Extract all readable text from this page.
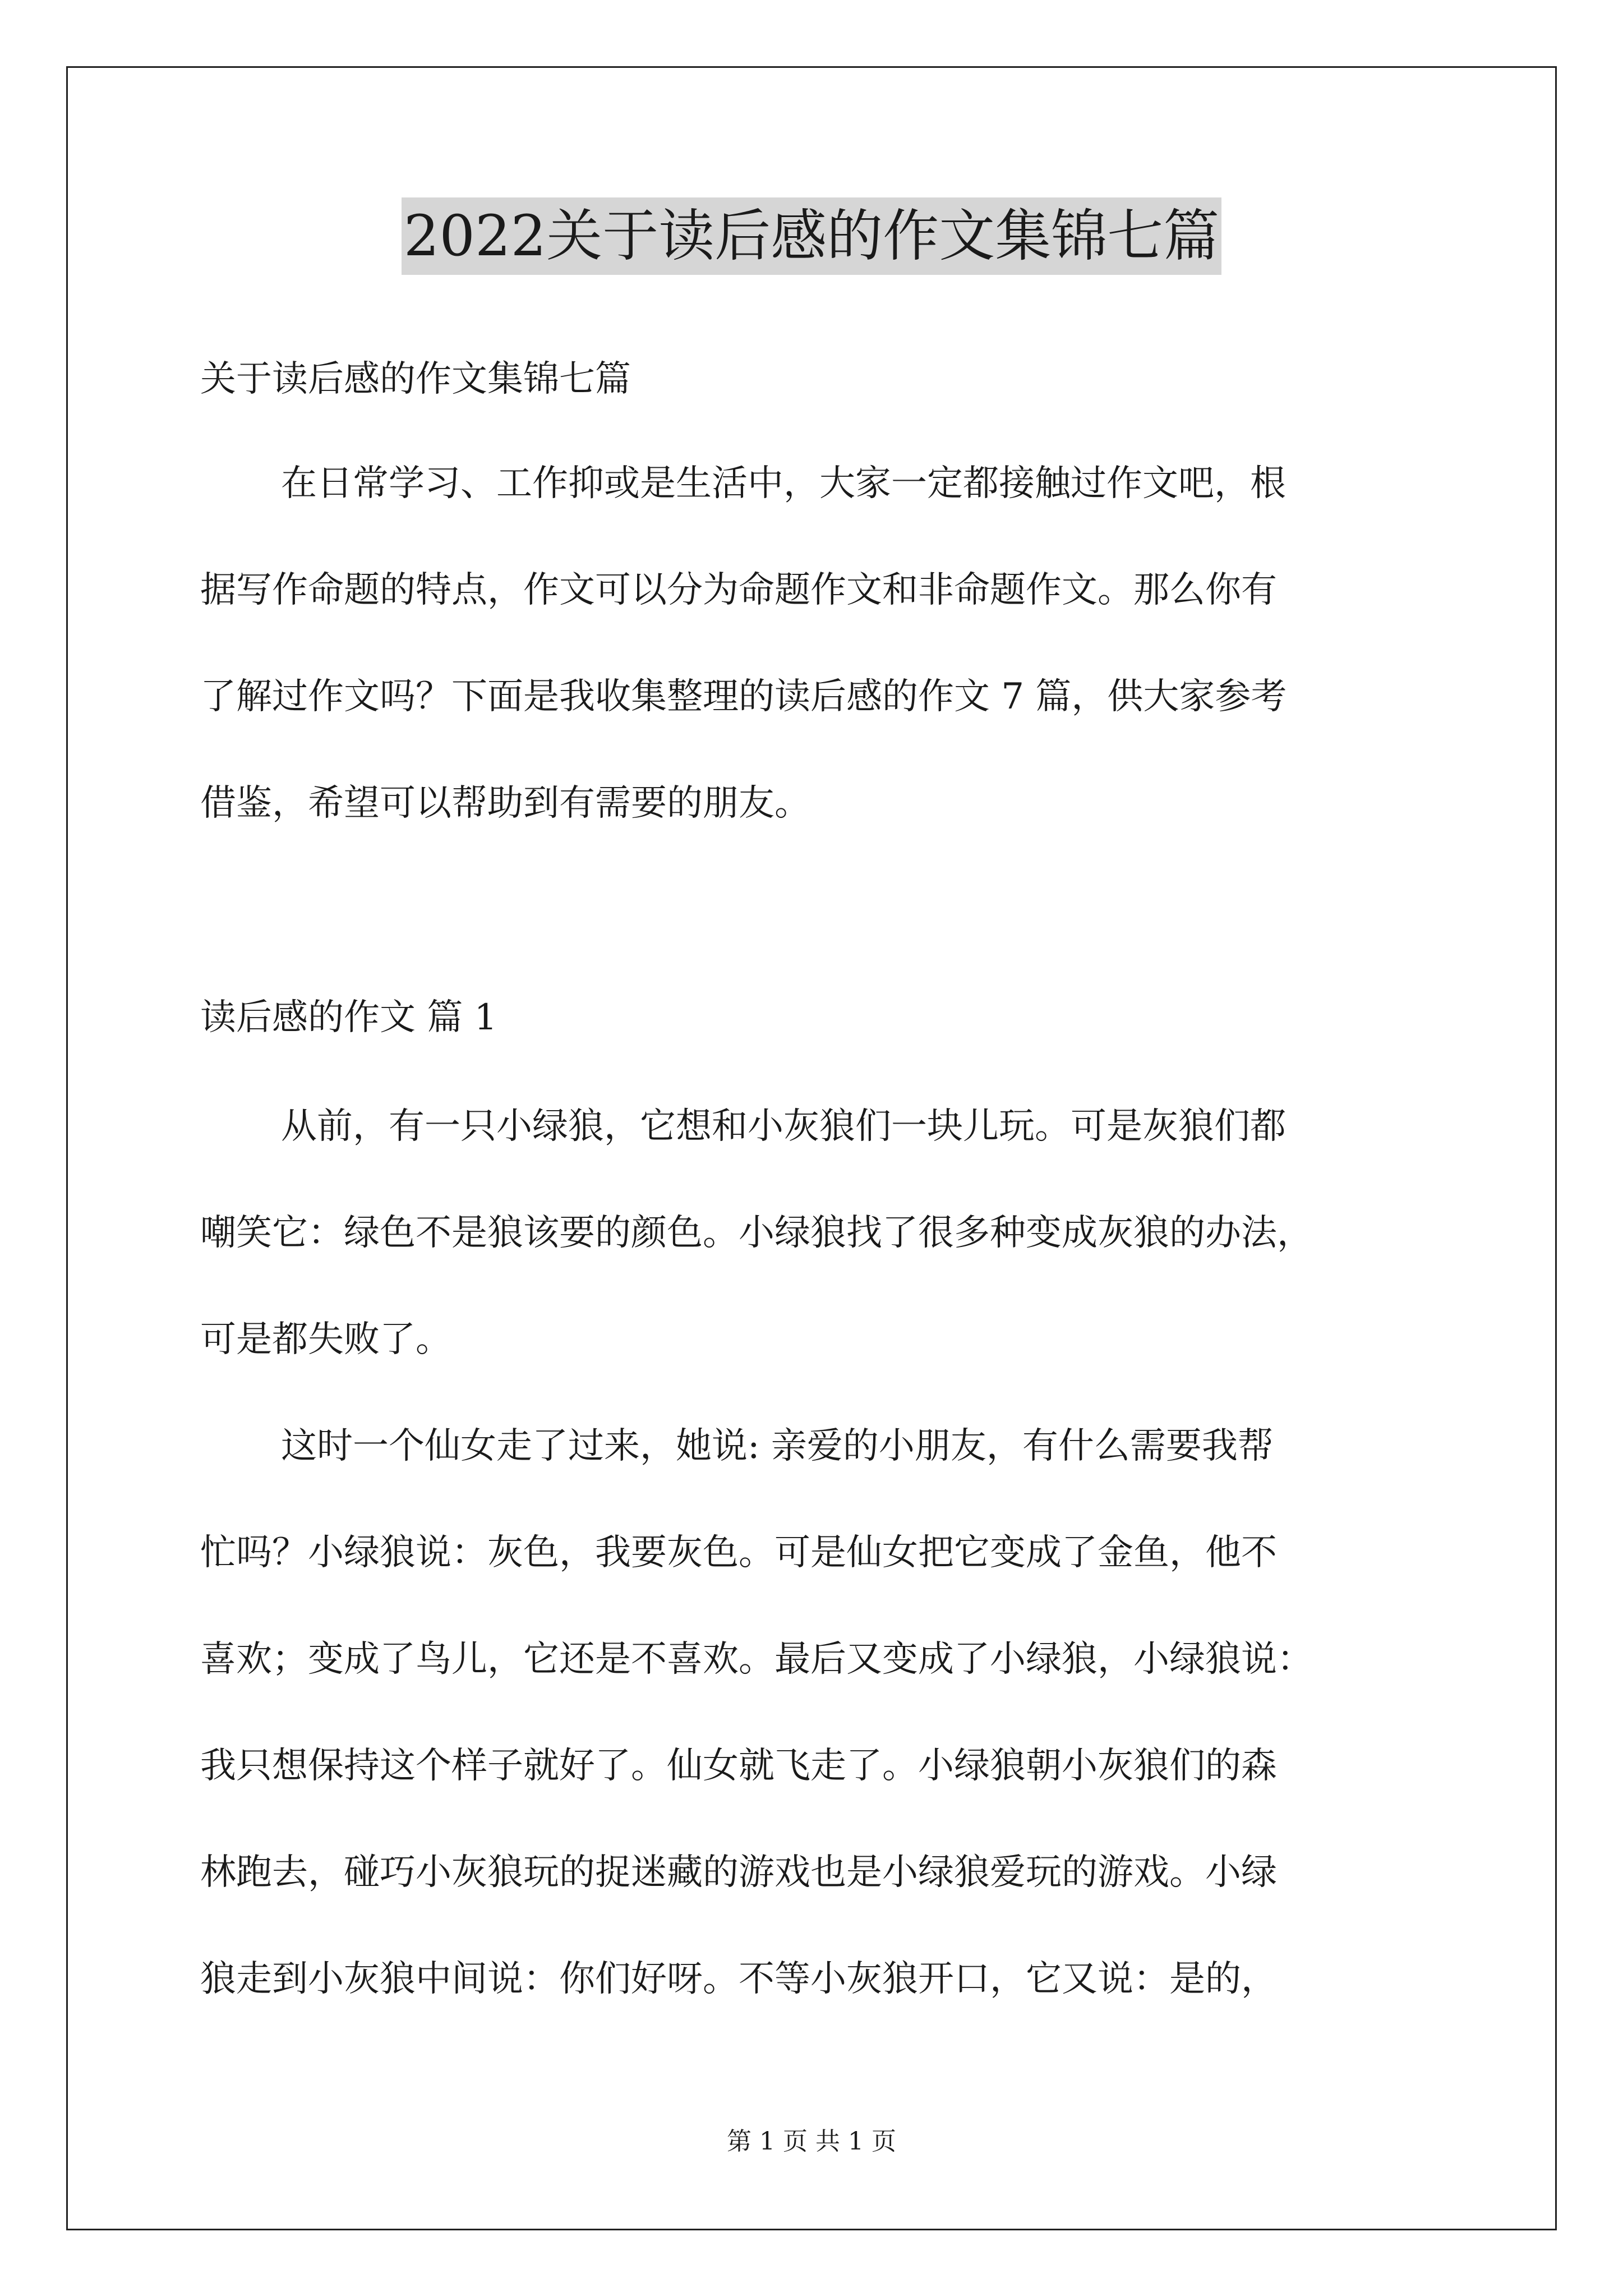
2022关于读后感的作文集锦七篇
关于读后感的作文集锦七篇
在日常学习、工作抑或是生活中，大家一定都接触过作文吧，根
据写作命题的特点，作文可以分为命题作文和非命题作文。那么你有
了解过作文吗？下面是我收集整理的读后感的作文 7 篇，供大家参考
借鉴，希望可以帮助到有需要的朋友。
读后感的作文 篇 1
从前，有一只小绿狼，它想和小灰狼们一块儿玩。可是灰狼们都
嘲笑它：绿色不是狼该要的颜色。小绿狼找了很多种变成灰狼的办法，
可是都失败了。
这时一个仙女走了过来，她说: 亲爱的小朋友，有什么需要我帮
忙吗？小绿狼说：灰色，我要灰色。可是仙女把它变成了金鱼，他不
喜欢；变成了鸟儿，它还是不喜欢。最后又变成了小绿狼，小绿狼说：
我只想保持这个样子就好了。仙女就飞走了。小绿狼朝小灰狼们的森
林跑去，碰巧小灰狼玩的捉迷藏的游戏也是小绿狼爱玩的游戏。小绿
狼走到小灰狼中间说：你们好呀。不等小灰狼开口，它又说：是的，
第 1 页 共 1 页
